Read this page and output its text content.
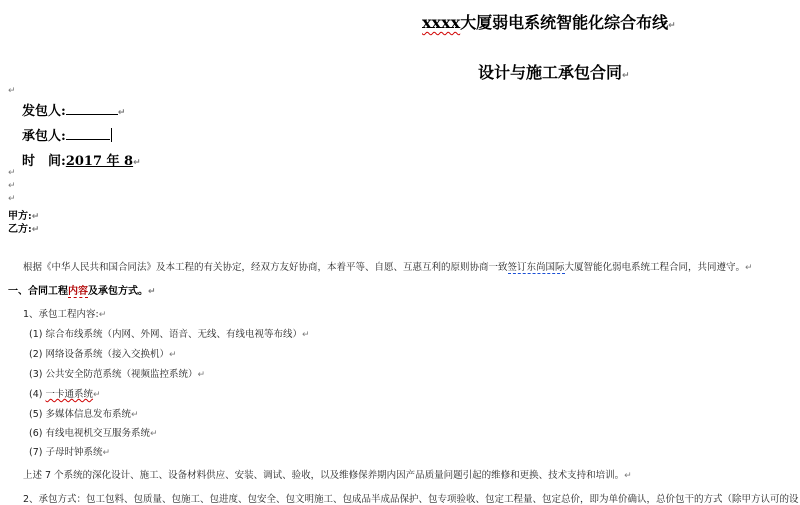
xxxx大厦弱电系统智能化综合布线↵
设计与施工承包合同↵
↵
发包人:	↵
承包人:
时　间:2017 年 8↵
↵
↵
↵
甲方:↵
乙方:↵
根据《中华人民共和国合同法》及本工程的有关协定，经双方友好协商，本着平等、自愿、互惠互利的原则协商一致签订东尚国际大厦智能化弱电系统工程合同，共同遵守。↵
一、合同工程内容及承包方式。↵
1、承包工程内容:↵
(1) 综合布线系统（内网、外网、语音、无线、有线电视等布线）↵
(2) 网络设备系统（接入交换机）↵
(3) 公共安全防范系统（视频监控系统）↵
(4) 一卡通系统↵
(5) 多媒体信息发布系统↵
(6) 有线电视机交互服务系统↵
(7) 子母时钟系统↵
上述 7 个系统的深化设计、施工、设备材料供应、安装、调试、验收，以及维修保养期内因产品质量问题引起的维修和更换、技术支持和培训。↵
2、承包方式：包工包料、包质量、包施工、包进度、包安全、包文明施工、包成品半成品保护、包专项验收、包定工程量、包定总价，即为单价确认，总价包干的方式（除甲方认可的设
